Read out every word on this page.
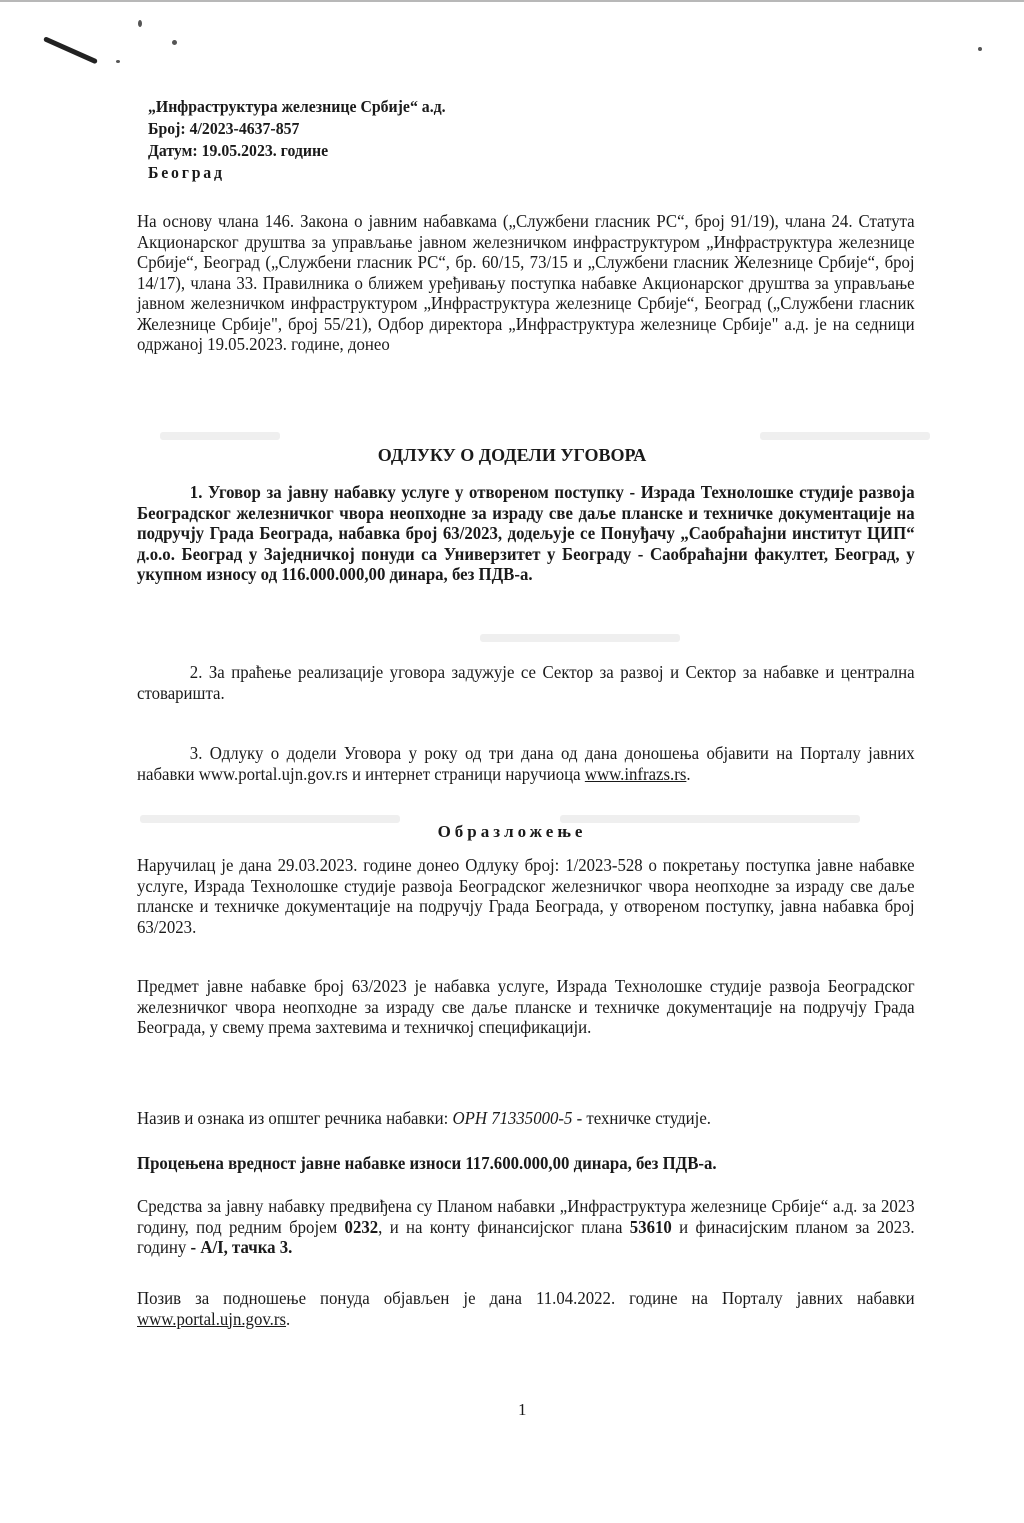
„Инфраструктура железнице Србије“ а.д.
Број: 4/2023-4637-857
Датум: 19.05.2023. године
Београд
На основу члана 146. Закона о јавним набавкама („Службени гласник РС“, број 91/19), члана 24. Статута Акционарског друштва за управљање јавном железничком инфраструктуром „Инфраструктура железнице Србије“, Београд („Службени гласник РС“, бр. 60/15, 73/15 и „Службени гласник Железнице Србије“, број 14/17), члана 33. Правилника о ближем уређивању поступка набавке Акционарског друштва за управљање јавном железничком инфраструктуром „Инфраструктура железнице Србије“, Београд („Службени гласник Железнице Србије", број 55/21), Одбор директора „Инфраструктура железнице Србије" а.д. је на седници одржаној 19.05.2023. године, донео
ОДЛУКУ О ДОДЕЛИ УГОВОРА
1. Уговор за јавну набавку услуге у отвореном поступку - Израда Технолошке студије развоја Београдског железничког чвора неопходне за израду све даље планске и техничке документације на подручју Града Београда, набавка број 63/2023, додељује се Понуђачу „Саобраћајни институт ЦИП“ д.о.о. Београд у Заједничкој понуди са Универзитет у Београду - Саобраћајни факултет, Београд, у укупном износу од 116.000.000,00 динара, без ПДВ-а.
2. За праћење реализације уговора задужује се Сектор за развој и Сектор за набавке и централна стоваришта.
3. Одлуку о додели Уговора у року од три дана од дана доношења објавити на Порталу јавних набавки www.portal.ujn.gov.rs и интернет страници наручиоца www.infrazs.rs.
Образложење
Наручилац је дана 29.03.2023. године донео Одлуку број: 1/2023-528 о покретању поступка јавне набавке услуге, Израда Технолошке студије развоја Београдског железничког чвора неопходне за израду све даље планске и техничке документације на подручју Града Београда, у отвореном поступку, јавна набавка број 63/2023.
Предмет јавне набавке број 63/2023 је набавка услуге, Израда Технолошке студије развоја Београдског железничког чвора неопходне за израду све даље планске и техничке документације на подручју Града Београда, у свему према захтевима и техничкој спецификацији.
Назив и ознака из општег речника набавки: ОРН 71335000-5 - техничке студије.
Процењена вредност јавне набавке износи 117.600.000,00 динара, без ПДВ-а.
Средства за јавну набавку предвиђена су Планом набавки „Инфраструктура железнице Србије“ а.д. за 2023 годину, под редним бројем 0232, и на конту финансијског плана 53610 и финасијским планом за 2023. годину - А/I, тачка 3.
Позив за подношење понуда објављен је дана 11.04.2022. године на Порталу јавних набавки www.portal.ujn.gov.rs.
1
